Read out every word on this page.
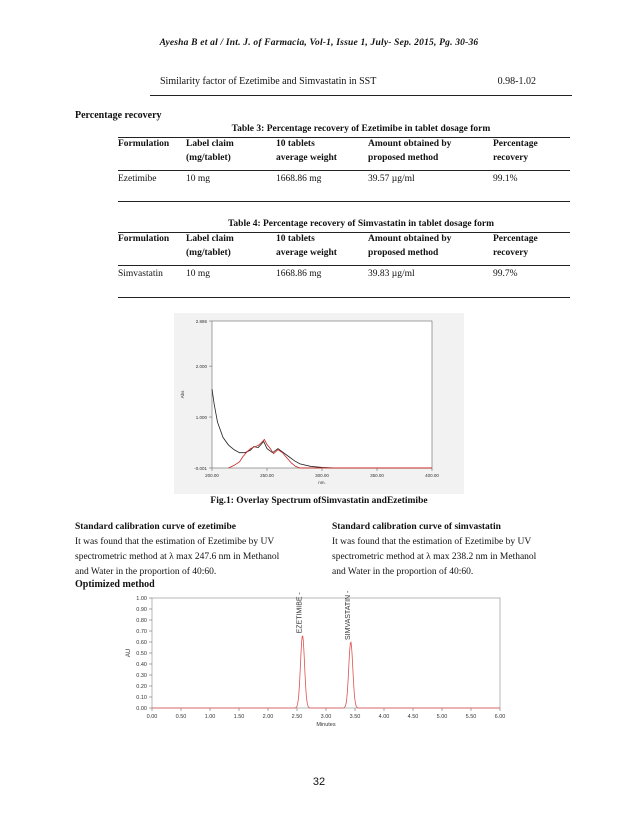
Ayesha B et al / Int. J. of Farmacia, Vol-1, Issue 1, July- Sep. 2015, Pg. 30-36
Similarity factor of Ezetimibe and Simvastatin in SST	0.98-1.02
Percentage recovery
Table 3: Percentage recovery of Ezetimibe in tablet dosage form
Formulation	Label claim	10 tablets	Amount obtained by	Percentage
	(mg/tablet)	average weight	proposed method	recovery
Ezetimibe	10 mg	1668.86 mg	39.57 µg/ml	99.1%
Table 4: Percentage recovery of Simvastatin in tablet dosage form
Formulation	Label claim	10 tablets	Amount obtained by	Percentage
	(mg/tablet)	average weight	proposed method	recovery
Simvastatin	10 mg	1668.86 mg	39.83 µg/ml	99.7%
-0.001
1.000
2.000
2.886
200.00	250.00	300.00	350.00	400.00
nm.
Abs
Fig.1: Overlay Spectrum ofSimvastatin andEzetimibe
Standard calibration curve of ezetimibe
It was found that the estimation of Ezetimibe by UV
spectrometric method at λ max 247.6 nm in Methanol
and Water in the proportion of 40:60.
Standard calibration curve of simvastatin
It was found that the estimation of Ezetimibe by UV
spectrometric method at λ max 238.2 nm in Methanol
and Water in the proportion of 40:60.
Optimized method
0.00
0.10
0.20
0.30
0.40
0.50
0.60
0.70
0.80
0.90
1.00
0.00	0.50	1.00	1.50	2.00	2.50	3.00	3.50	4.00	4.50	5.00	5.50	6.00
Minutes
AU
EZETIMIBE - 2.595	SIMVASTATIN - 3.427
32
